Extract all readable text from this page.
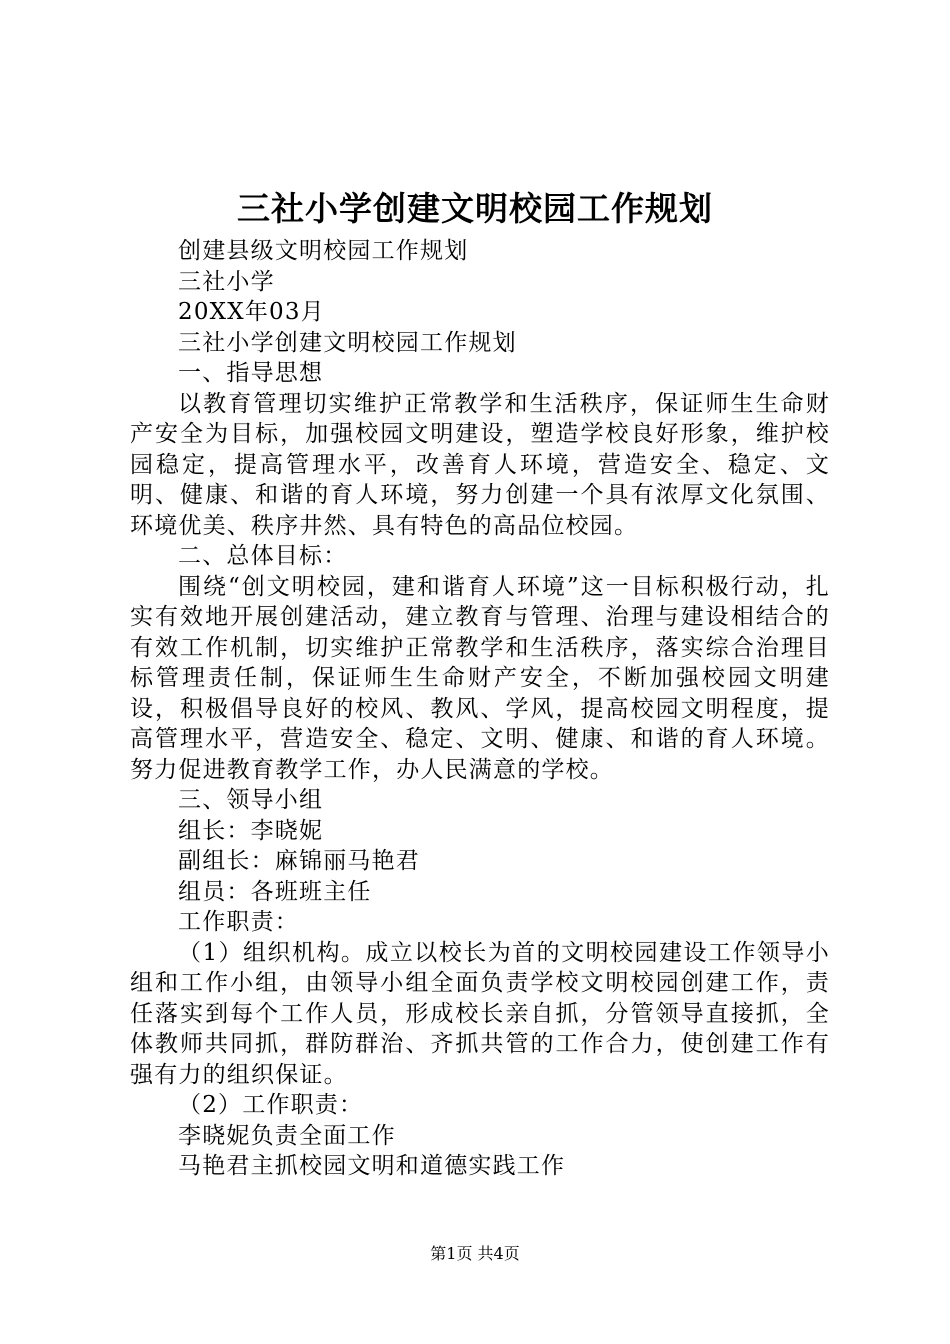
三社小学创建文明校园工作规划
创建县级文明校园工作规划
三社小学
20XX年03月
三社小学创建文明校园工作规划
一、指导思想
以教育管理切实维护正常教学和生活秩序，保证师生生命财产安全为目标，加强校园文明建设，塑造学校良好形象，维护校园稳定，提高管理水平，改善育人环境，营造安全、稳定、文明、健康、和谐的育人环境，努力创建一个具有浓厚文化氛围、环境优美、秩序井然、具有特色的高品位校园。
二、总体目标：
围绕“创文明校园，建和谐育人环境”这一目标积极行动，扎实有效地开展创建活动，建立教育与管理、治理与建设相结合的有效工作机制，切实维护正常教学和生活秩序，落实综合治理目标管理责任制，保证师生生命财产安全，不断加强校园文明建设，积极倡导良好的校风、教风、学风，提高校园文明程度，提高管理水平，营造安全、稳定、文明、健康、和谐的育人环境。努力促进教育教学工作，办人民满意的学校。
三、领导小组
组长：李晓妮
副组长：麻锦丽马艳君
组员：各班班主任
工作职责：
（1）组织机构。成立以校长为首的文明校园建设工作领导小组和工作小组，由领导小组全面负责学校文明校园创建工作，责任落实到每个工作人员，形成校长亲自抓，分管领导直接抓，全体教师共同抓，群防群治、齐抓共管的工作合力，使创建工作有强有力的组织保证。
（2）工作职责：
李晓妮负责全面工作
马艳君主抓校园文明和道德实践工作
第1页 共4页
